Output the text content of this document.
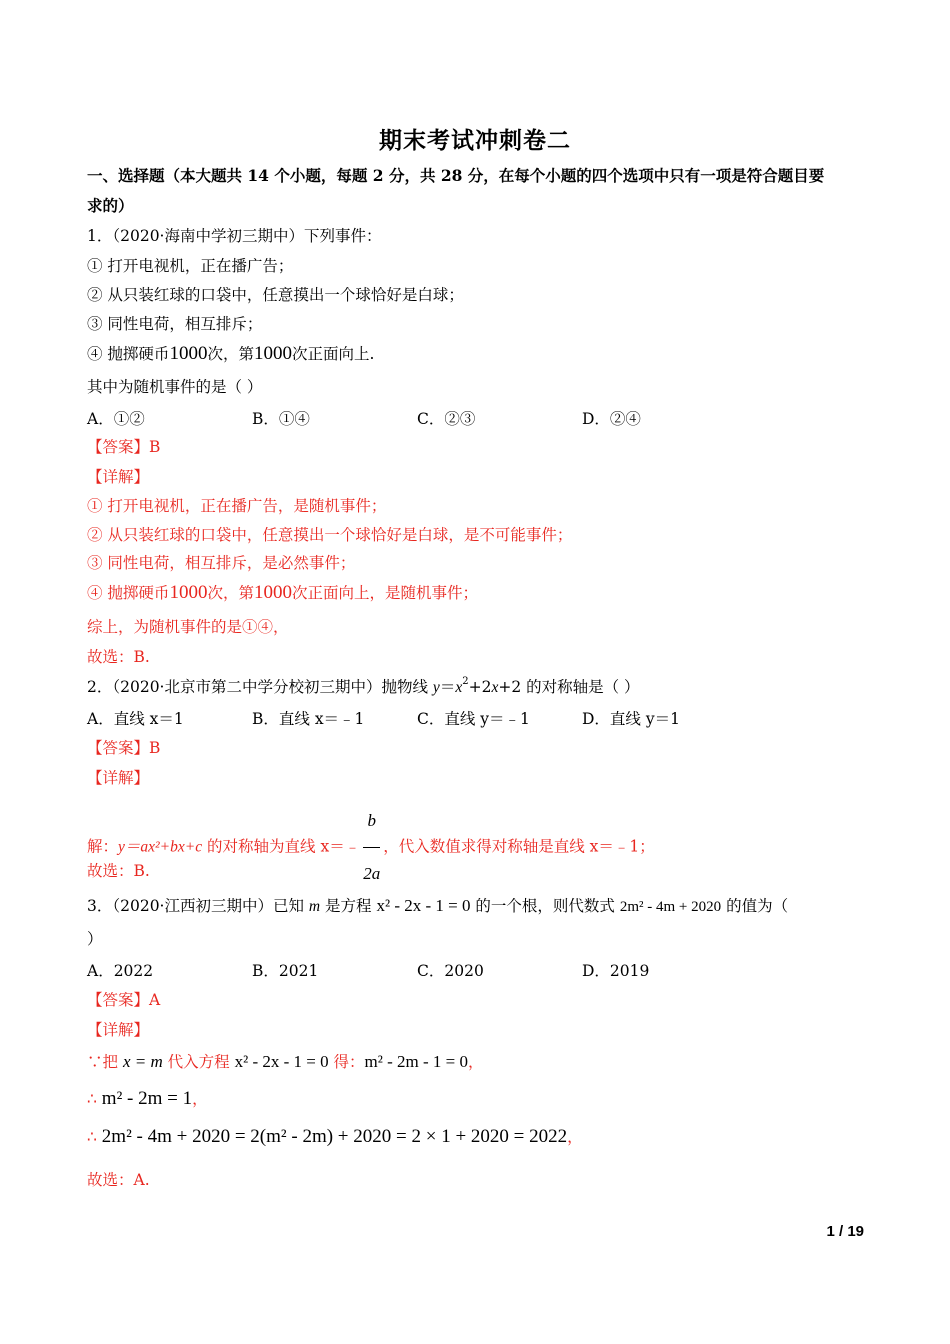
期末考试冲刺卷二
一、选择题（本大题共 14 个小题，每题 2 分，共 28 分，在每个小题的四个选项中只有一项是符合题目要
求的）
1．（2020·海南中学初三期中）下列事件：
① 打开电视机，正在播广告；
② 从只装红球的口袋中，任意摸出一个球恰好是白球；
③ 同性电荷，相互排斥；
④ 抛掷硬币1000次，第1000次正面向上.
其中为随机事件的是（ ）
A．①②	B．①④	C．②③	D．②④
【答案】B
【详解】
① 打开电视机，正在播广告，是随机事件；
② 从只装红球的口袋中，任意摸出一个球恰好是白球，是不可能事件；
③ 同性电荷，相互排斥，是必然事件；
④ 抛掷硬币1000次，第1000次正面向上，是随机事件；
综上，为随机事件的是①④，
故选：B.
2．（2020·北京市第二中学分校初三期中）抛物线 $y=x^2+2x+2$ 的对称轴是（ ）
A．直线 x＝1	B．直线 x＝﹣1	C．直线 y＝﹣1	D．直线 y＝1
【答案】B
【详解】
解：y＝ax²+bx+c 的对称轴为直线 x＝﹣ $\frac{b}{2a}$ ，代入数值求得对称轴是直线 x＝﹣1；
故选：B.
3．（2020·江西初三期中）已知 m 是方程 x² - 2x - 1 = 0 的一个根，则代数式 2m² - 4m + 2020 的值为（
）
A．2022	B．2021	C．2020	D．2019
【答案】A
【详解】
∵把 x = m 代入方程 x² - 2x - 1 = 0 得：m² - 2m - 1 = 0，
∴ m² - 2m = 1，
∴ 2m² - 4m + 2020 = 2(m² - 2m) + 2020 = 2 × 1 + 2020 = 2022，
故选：A.
1 / 19
